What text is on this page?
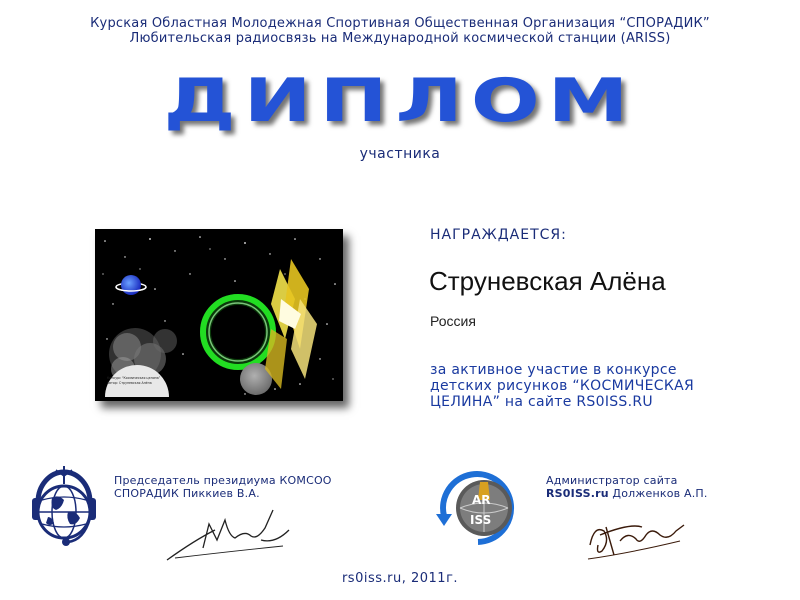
Курская Областная Молодежная Спортивная Общественная Организация “СПОРАДИК”
Любительская радиосвязь на Международной космической станции (ARISS)
ДИПЛОМ
участника
Конкурс “Космическая целина”
Автор: Струневская Алёна
НАГРАЖДАЕТСЯ:
Струневская Алёна
Россия
за активное участие в конкурсе
детских рисунков “КОСМИЧЕСКАЯ
ЦЕЛИНА” на сайте RS0ISS.RU
Председатель президиума КОМСОО
СПОРАДИК Пиккиев В.А.	AR
ISS
Администратор сайта
RS0ISS.ru Долженков А.П.
rs0iss.ru, 2011г.
